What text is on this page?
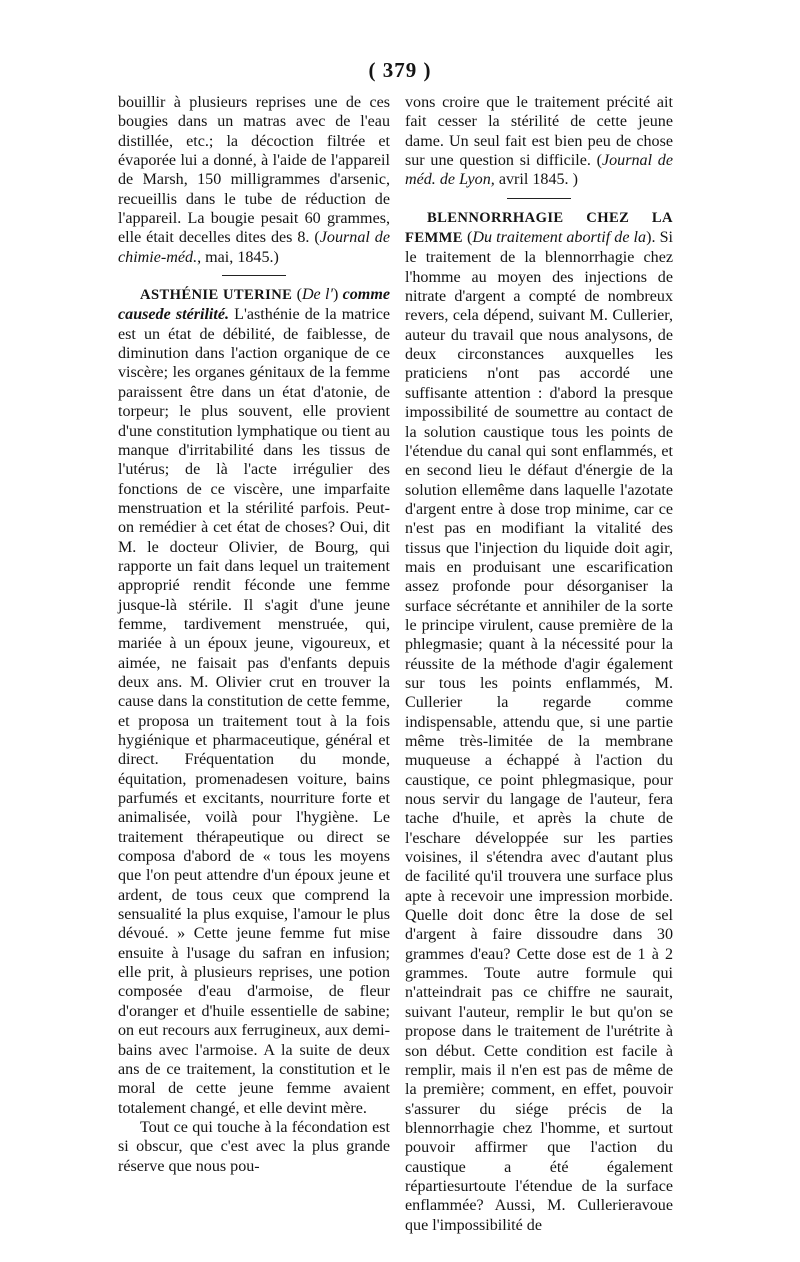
( 379 )

bouillir à plusieurs reprises une de ces bougies dans un matras avec de l'eau distillée, etc.; la décoction filtrée et évaporée lui a donné, à l'aide de l'appareil de Marsh, 150 milligrammes d'arsenic, recueillis dans le tube de réduction de l'appareil. La bougie pesait 60 grammes, elle était decelles dites des 8. (Journal de chimie-méd., mai, 1845.)

ASTHÉNIE UTERINE (De l') comme causede stérilité. L'asthénie de la matrice est un état de débilité, de faiblesse, de diminution dans l'action organique de ce viscère; les organes génitaux de la femme paraissent être dans un état d'atonie, de torpeur; le plus souvent, elle provient d'une constitution lymphatique ou tient au manque d'irritabilité dans les tissus de l'utérus; de là l'acte irrégulier des fonctions de ce viscère, une imparfaite menstruation et la stérilité parfois. Peut-on remédier à cet état de choses? Oui, dit M. le docteur Olivier, de Bourg, qui rapporte un fait dans lequel un traitement approprié rendit féconde une femme jusque-là stérile. Il s'agit d'une jeune femme, tardivement menstruée, qui, mariée à un époux jeune, vigoureux, et aimée, ne faisait pas d'enfants depuis deux ans. M. Olivier crut en trouver la cause dans la constitution de cette femme, et proposa un traitement tout à la fois hygiénique et pharmaceutique, général et direct. Fréquentation du monde, équitation, promenadesen voiture, bains parfumés et excitants, nourriture forte et animalisée, voilà pour l'hygiène. Le traitement thérapeutique ou direct se composa d'abord de « tous les moyens que l'on peut attendre d'un époux jeune et ardent, de tous ceux que comprend la sensualité la plus exquise, l'amour le plus dévoué. » Cette jeune femme fut mise ensuite à l'usage du safran en infusion; elle prit, à plusieurs reprises, une potion composée d'eau d'armoise, de fleur d'oranger et d'huile essentielle de sabine; on eut recours aux ferrugineux, aux demi-bains avec l'armoise. A la suite de deux ans de ce traitement, la constitution et le moral de cette jeune femme avaient totalement changé, et elle devint mère.

Tout ce qui touche à la fécondation est si obscur, que c'est avec la plus grande réserve que nous pou-

vons croire que le traitement précité ait fait cesser la stérilité de cette jeune dame. Un seul fait est bien peu de chose sur une question si difficile. (Journal de méd. de Lyon, avril 1845. )

BLENNORRHAGIE CHEZ LA FEMME (Du traitement abortif de la). Si le traitement de la blennorrhagie chez l'homme au moyen des injections de nitrate d'argent a compté de nombreux revers, cela dépend, suivant M. Cullerier, auteur du travail que nous analysons, de deux circonstances auxquelles les praticiens n'ont pas accordé une suffisante attention : d'abord la presque impossibilité de soumettre au contact de la solution caustique tous les points de l'étendue du canal qui sont enflammés, et en second lieu le défaut d'énergie de la solution ellemême dans laquelle l'azotate d'argent entre à dose trop minime, car ce n'est pas en modifiant la vitalité des tissus que l'injection du liquide doit agir, mais en produisant une escarification assez profonde pour désorganiser la surface sécrétante et annihiler de la sorte le principe virulent, cause première de la phlegmasie; quant à la nécessité pour la réussite de la méthode d'agir également sur tous les points enflammés, M. Cullerier la regarde comme indispensable, attendu que, si une partie même très-limitée de la membrane muqueuse a échappé à l'action du caustique, ce point phlegmasique, pour nous servir du langage de l'auteur, fera tache d'huile, et après la chute de l'eschare développée sur les parties voisines, il s'étendra avec d'autant plus de facilité qu'il trouvera une surface plus apte à recevoir une impression morbide. Quelle doit donc être la dose de sel d'argent à faire dissoudre dans 30 grammes d'eau? Cette dose est de 1 à 2 grammes. Toute autre formule qui n'atteindrait pas ce chiffre ne saurait, suivant l'auteur, remplir le but qu'on se propose dans le traitement de l'urétrite à son début. Cette condition est facile à remplir, mais il n'en est pas de même de la première; comment, en effet, pouvoir s'assurer du siége précis de la blennorrhagie chez l'homme, et surtout pouvoir affirmer que l'action du caustique a été également répartiesurtoute l'étendue de la surface enflammée? Aussi, M. Cullerieravoue que l'impossibilité de
